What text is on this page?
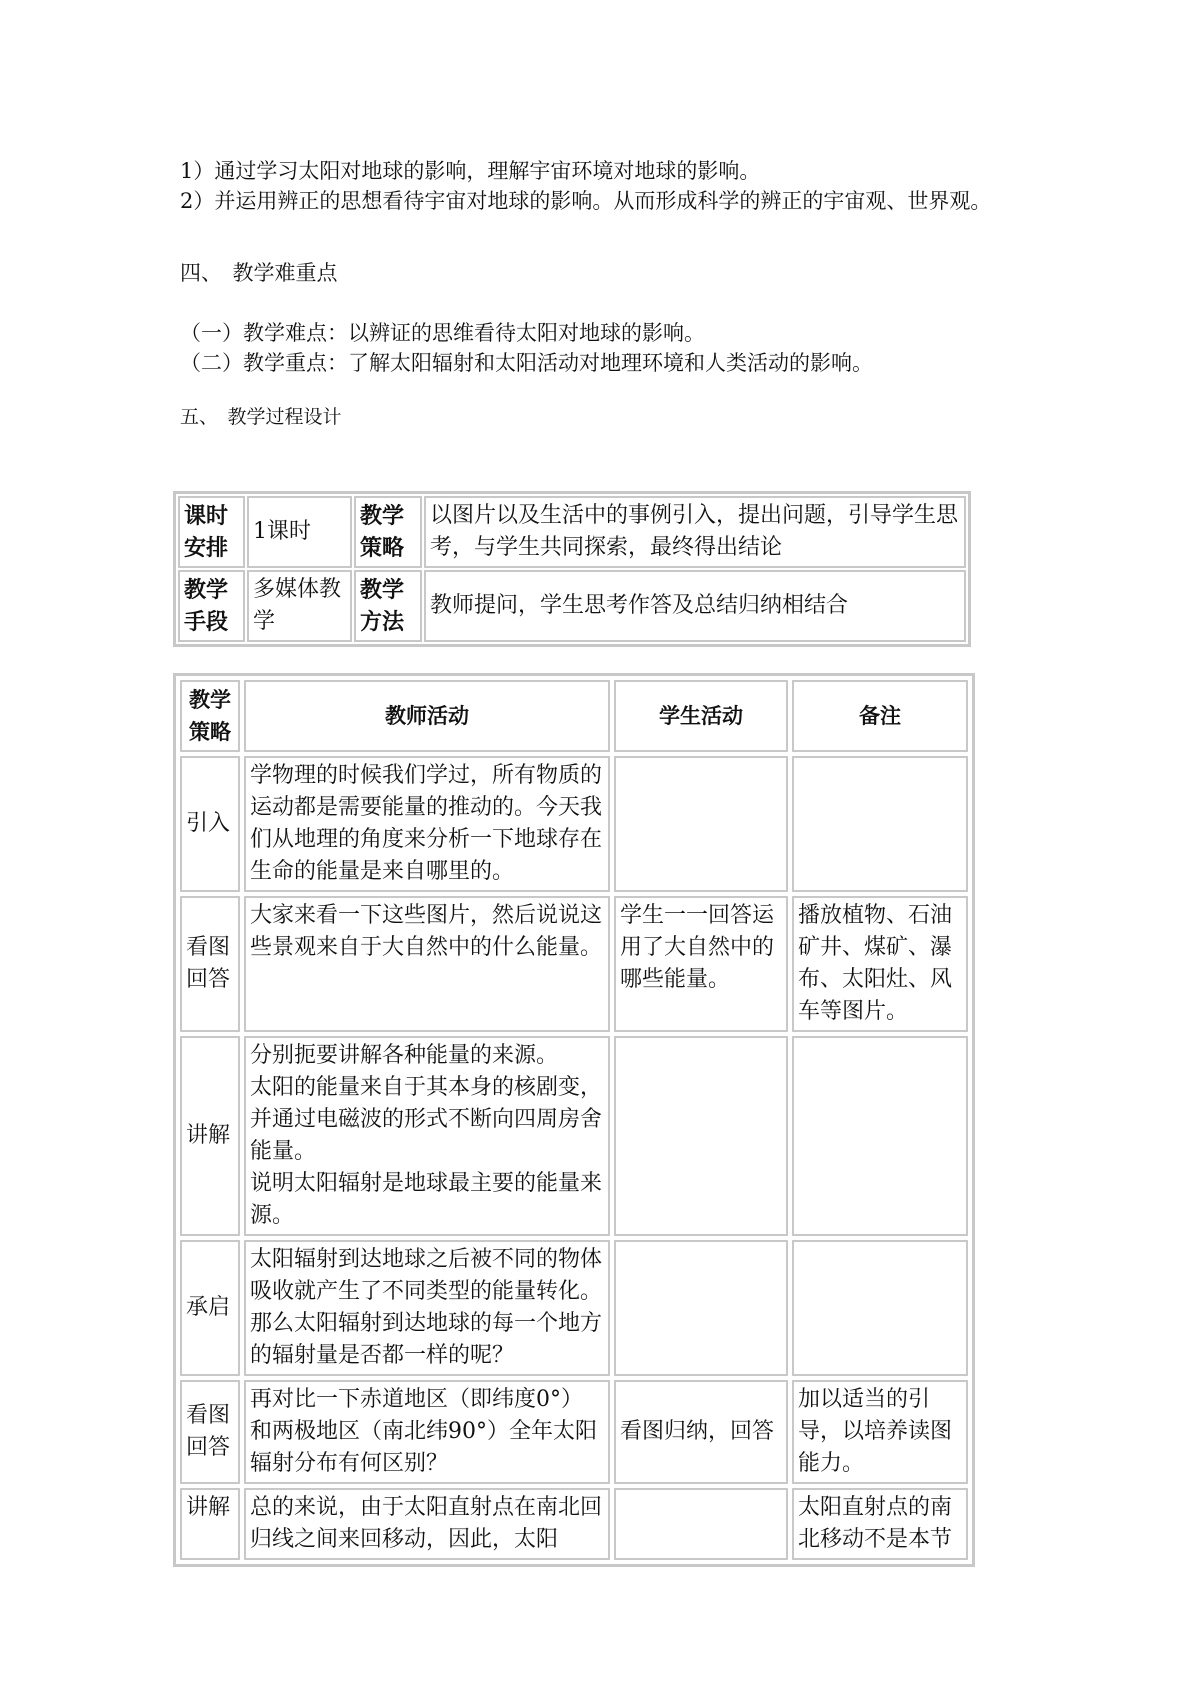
1）通过学习太阳对地球的影响，理解宇宙环境对地球的影响。
2）并运用辨正的思想看待宇宙对地球的影响。从而形成科学的辨正的宇宙观、世界观。
四、　教学难重点
（一）教学难点：以辨证的思维看待太阳对地球的影响。
（二）教学重点：了解太阳辐射和太阳活动对地理环境和人类活动的影响。
五、　教学过程设计
课时安排	1课时	教学策略	以图片以及生活中的事例引入，提出问题，引导学生思考，与学生共同探索，最终得出结论
教学手段	多媒体教学	教学方法	教师提问，学生思考作答及总结归纳相结合
教学策略	教师活动	学生活动	备注
引入	学物理的时候我们学过，所有物质的运动都是需要能量的推动的。今天我们从地理的角度来分析一下地球存在生命的能量是来自哪里的。		
看图回答	大家来看一下这些图片，然后说说这些景观来自于大自然中的什么能量。	学生一一回答运用了大自然中的哪些能量。	播放植物、石油矿井、煤矿、瀑布、太阳灶、风车等图片。
讲解	分别扼要讲解各种能量的来源。
太阳的能量来自于其本身的核剧变，并通过电磁波的形式不断向四周房舍能量。
说明太阳辐射是地球最主要的能量来源。		

承启	太阳辐射到达地球之后被不同的物体吸收就产生了不同类型的能量转化。那么太阳辐射到达地球的每一个地方的辐射量是否都一样的呢？		
看图回答	再对比一下赤道地区（即纬度0°）和两极地区（南北纬90°）全年太阳辐射分布有何区别？	看图归纳，回答	加以适当的引导，以培养读图能力。
讲解	总的来说，由于太阳直射点在南北回归线之间来回移动，因此，太阳		太阳直射点的南北移动不是本节
